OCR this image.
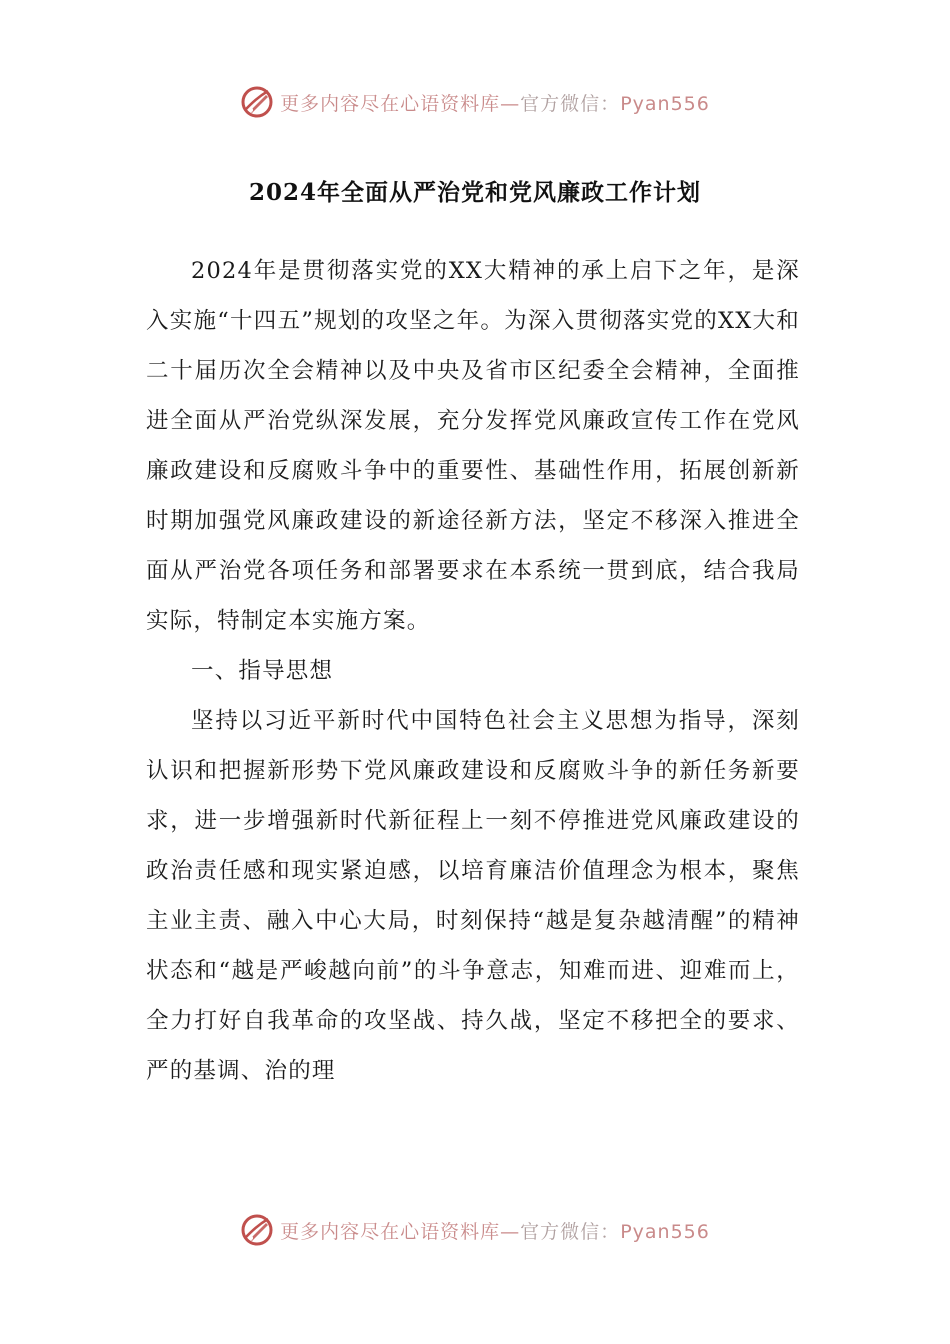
更多内容尽在心语资料库—官方微信：Pyan556
2024年全面从严治党和党风廉政工作计划

2024年是贯彻落实党的XX大精神的承上启下之年，是深入实施“十四五”规划的攻坚之年。为深入贯彻落实党的XX大和二十届历次全会精神以及中央及省市区纪委全会精神，全面推进全面从严治党纵深发展，充分发挥党风廉政宣传工作在党风廉政建设和反腐败斗争中的重要性、基础性作用，拓展创新新时期加强党风廉政建设的新途径新方法，坚定不移深入推进全面从严治党各项任务和部署要求在本系统一贯到底，结合我局实际，特制定本实施方案。

一、指导思想

坚持以习近平新时代中国特色社会主义思想为指导，深刻认识和把握新形势下党风廉政建设和反腐败斗争的新任务新要求，进一步增强新时代新征程上一刻不停推进党风廉政建设的政治责任感和现实紧迫感，以培育廉洁价值理念为根本，聚焦主业主责、融入中心大局，时刻保持“越是复杂越清醒”的精神状态和“越是严峻越向前”的斗争意志，知难而进、迎难而上，全力打好自我革命的攻坚战、持久战，坚定不移把全的要求、严的基调、治的理

更多内容尽在心语资料库—官方微信：Pyan556
